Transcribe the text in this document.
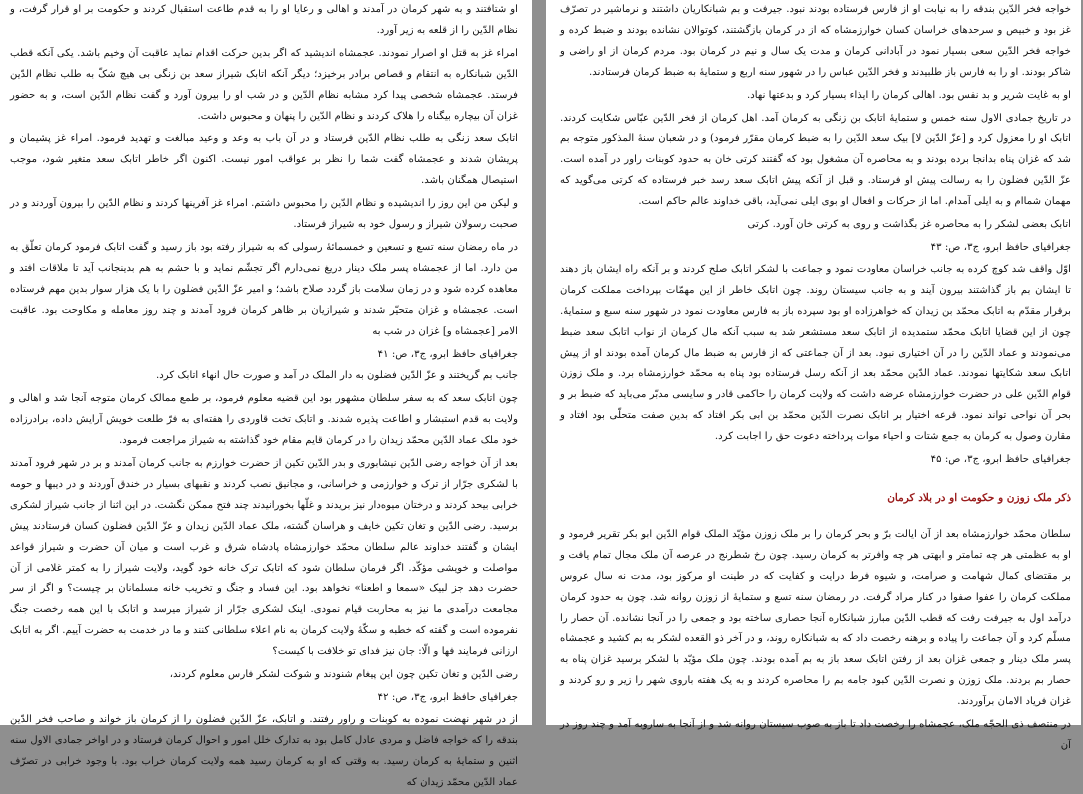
او شتافتند و به شهر کرمان در آمدند و اهالی و رعایا او را به قدم طاعت استقبال کردند و حکومت بر او قرار گرفت، و نظام الدّین را از قلعه به زیر آورد.
امراء غز به قتل او اصرار نمودند. عجمشاه اندیشید که اگر بدین حرکت اقدام نماید عاقبت آن وخیم باشد. یکی آنکه قطب الدّین شبانکاره به انتقام و قصاص برادر برخیزد؛ دیگر آنکه اتابک شیراز سعد بن زنگی بی هیچ شکّ به طلب نظام الدّین فرستد. عجمشاه شخصی پیدا کرد مشابه نظام الدّین و در شب او را بیرون آورد و گفت نظام الدّین است، و به حضور غزان آن بیچاره بیگناه را هلاک کردند و نظام الدّین را پنهان و محبوس داشت.
اتابک سعد زنگی به طلب نظام الدّین فرستاد و در آن باب به وعد و وعید مبالغت و تهدید فرمود. امراء غز پشیمان و پریشان شدند و عجمشاه گفت شما را نظر بر عواقب امور نیست. اکنون اگر خاطر اتابک سعد متغیر شود، موجب استیصال همگنان باشد.
و لیکن من این روز را اندیشیده و نظام الدّین را محبوس داشتم. امراء غز آفرینها کردند و نظام الدّین را بیرون آوردند و در صحبت رسولان شیراز و رسول خود به شیراز فرستاد.
در ماه رمضان سنه تسع و تسعین و خمسمائهٔ رسولی که به شیراز رفته بود باز رسید و گفت اتابک فرمود کرمان تعلّق به من دارد. اما از عجمشاه پسر ملک دینار دریغ نمی‌دارم اگر تجشّم نماید و با حشم به هم بدینجانب آید تا ملاقات افتد و معاهده کرده شود و در زمان سلامت باز گردد صلاح باشد؛ و امیر عزّ الدّین فضلون را با یک هزار سوار بدین مهم فرستاده است. عجمشاه و غزان متحیّر شدند و شیرازیان بر ظاهر کرمان فرود آمدند و چند روز معامله و مکاوحت بود. عاقبت الامر [عجمشاه و] غزان در شب به
جغرافیای حافظ ابرو، ج۳، ص: ۴۱
جانب بم گریختند و عزّ الدّین فضلون به دار الملک در آمد و صورت حال انهاء اتابک کرد.
چون اتابک سعد که به سفر سلطان مشهور بود این قضیه معلوم فرمود، بر طمع ممالک کرمان متوجه آنجا شد و اهالی و ولایت به قدم استبشار و اطاعت پذیره شدند. و اتابک تخت قاوردی را هفته‌ای به فرّ طلعت خویش آرایش داده، برادرزاده خود ملک عماد الدّین محمّد زیدان را در کرمان قایم مقام خود گذاشته به شیراز مراجعت فرمود.
بعد از آن خواجه رضی الدّین نیشابوری و بدر الدّین تکین از حضرت خوارزم به جانب کرمان آمدند و بر در شهر فرود آمدند با لشکری جرّار از ترک و خوارزمی و خراسانی، و مجانیق نصب کردند و نقبهای بسیار در خندق آوردند و در دیبها و حومه خرابی بیحد کردند و درختان میوه‌دار نیز بریدند و غلّها بخورانیدند چند فتح ممکن نگشت. در این اثنا از جانب شیراز لشکری برسید. رضی الدّین و تغان تکین خایف و هراسان گشته، ملک عماد الدّین زیدان و عزّ الدّین فضلون کسان فرستادند پیش ایشان و گفتند خداوند عالم سلطان محمّد خوارزمشاه پادشاه شرق و غرب است و میان آن حضرت و شیراز قواعد مواصلت و خویشی مؤکّد. اگر فرمان سلطان شود که اتابک ترک خانه خود گوید، ولایت شیراز را به کمتر غلامی از آن حضرت دهد جز لبیک «سمعا و اطعنا» نخواهد بود. این فساد و جنگ و تخریب خانه مسلمانان بر چیست؟ و اگر از سر مجامعت درآمدی ما نیز به محاربت قیام نمودی. اینک لشکری جرّار از شیراز میرسد و اتابک با این همه رخصت جنگ نفرموده است و گفته که خطبه و سکّهٔ ولایت کرمان به نام اعلاء سلطانی کنند و ما در خدمت به حضرت آییم. اگر به اتابک ارزانی فرمایند فها و الّا: جان نیز فدای تو خلافت با کیست؟
رضی الدّین و تغان تکین چون این پیغام شنودند و شوکت لشکر فارس معلوم کردند،
جغرافیای حافظ ابرو، ج۳، ص: ۴۲
از در شهر نهضت نموده به کوبنات و راور رفتند. و اتابک، عزّ الدّین فضلون را از کرمان باز خواند و صاحب فخر الدّین بندقه را که خواجه فاضل و مردی عادل کامل بود به تدارک خلل امور و احوال کرمان فرستاد و در اواخر جمادی الاول سنه اثنین و ستمایهٔ به کرمان رسید. به وقتی که او به کرمان رسید همه ولایت کرمان خراب بود. با وجود خرابی در تصرّف عماد الدّین محمّد زیدان که
خواجه فخر الدّین بندقه را به نیابت او از فارس فرستاده بودند نبود. جیرفت و بم شبانکاریان داشتند و نرماشیر در تصرّف غز بود و خبیص و سرحدهای خراسان کسان خوارزمشاه که از در کرمان بازگشتند، کوتوالان نشانده بودند و ضبط کرده و خواجه فخر الدّین سعی بسیار نمود در آبادانی کرمان و مدت یک سال و نیم در کرمان بود. مردم کرمان از او راضی و شاکر بودند. او را به فارس باز طلبیدند و فخر الدّین عباس را در شهور سنه اربع و ستمایهٔ به ضبط کرمان فرستادند.
او به غایت شریر و بد نفس بود. اهالی کرمان را ایذاء بسیار کرد و بدعتها نهاد.
در تاریخ جمادی الاول سنه خمس و ستمایهٔ اتابک بن زنگی به کرمان آمد. اهل کرمان از فخر الدّین عبّاس شکایت کردند. اتابک او را معزول کرد و [عزّ الدّین لا] بیک سعد الدّین را به ضبط کرمان مقرّر فرمود) و در شعبان سنهٔ المذکور متوجه بم شد که غزان پناه بدانجا برده بودند و به محاصره آن مشغول بود که گفتند کرتی خان به حدود کوبنات راور در آمده است. عزّ الدّین فضلون را به رسالت پیش او فرستاد. و قبل از آنکه پیش اتابک سعد رسد خبر فرستاده که کرتی می‌گوید که مهمان شماام و به ایلی آمدام. اما از حرکات و افعال او بوی ایلی نمی‌آید، باقی خداوند عالم حاکم است.
اتابک بعضی لشکر را به محاصره غز بگذاشت و روی به کرتی خان آورد. کرتی
جغرافیای حافظ ابرو، ج۳، ص: ۴۳
اوّل واقف شد کوچ کرده به جانب خراسان معاودت نمود و جماعت با لشکر اتابک صلح کردند و بر آنکه راه ایشان باز دهند تا ایشان بم باز گذاشتند بیرون آیند و به جانب سیستان روند. چون اتابک خاطر از این مهمّات بپرداخت مملکت کرمان برقرار مقدّم به اتابک محمّد بن زیدان که خواهرزاده او بود سپرده باز به فارس معاودت نمود در شهور سنه سبع و ستمایهٔ. چون از این قضایا اتابک محمّد ستمدیده از اتابک سعد مستشعر شد به سبب آنکه مال کرمان از نواب اتابک سعد ضبط می‌نمودند و عماد الدّین را در آن اختیاری نبود. بعد از آن جماعتی که از فارس به ضبط مال کرمان آمده بودند او از پیش اتابک سعد شکایتها نمودند. عماد الدّین محمّد بعد از آنکه رسل فرستاده بود پناه به محمّد خوارزمشاه برد. و ملک زوزن قوام الدّین علی در حضرت خوارزمشاه عرضه داشت که ولایت کرمان را حاکمی قادر و سایسی مدبّر می‌باید که ضبط بر و بحر آن نواحی تواند نمود. قرعه اختیار بر اتابک نصرت الدّین محمّد بن ابی بکر افتاد که بدین صفت متحلّی بود افتاد و مقارن وصول به کرمان به جمع شتات و احیاء موات پرداخته دعوت حق را اجابت کرد.
جغرافیای حافظ ابرو، ج۳، ص: ۴۵
ذکر ملک زوزن و حکومت او در بلاد کرمان
سلطان محمّد خوارزمشاه بعد از آن ایالت برّ و بحر کرمان را بر ملک زوزن مؤیّد الملک قوام الدّین ابو بکر تقریر فرمود و او به عظمتی هر چه تمامتر و ابهتی هر چه وافرتر به کرمان رسید. چون رخ شطرنج در عرصه آن ملک مجال تمام یافت و بر مقتضای کمال شهامت و صرامت، و شیوه فرط درایت و کفایت که در طینت او مرکوز بود، مدت نه سال عروس مملکت کرمان را عفوا صفوا در کنار مراد گرفت. در رمضان سنه تسع و ستمایهٔ از زوزن روانه شد. چون به حدود کرمان درآمد اول به جیرفت رفت که قطب الدّین مبارز شبانکاره آنجا حصاری ساخته بود و جمعی را در آنجا نشانده. آن حصار را مسلّم کرد و آن جماعت را پیاده و برهنه رخصت داد که به شبانکاره روند، و در آخر ذو القعده لشکر به بم کشید و عجمشاه پسر ملک دینار و جمعی غزان بعد از رفتن اتابک سعد باز به بم آمده بودند. چون ملک مؤیّد با لشکر برسید غزان پناه به حصار بم بردند. ملک زوزن و نصرت الدّین کبود جامه بم را محاصره کردند و به یک هفته باروی شهر را زیر و رو کردند و غزان فریاد الامان برآوردند.
در منتصف ذی الحجّه ملک، عجمشاه را رخصت داد تا باز به صوب سیستان روانه شد و از آنجا به ساروبه آمد و چند روز در آن
